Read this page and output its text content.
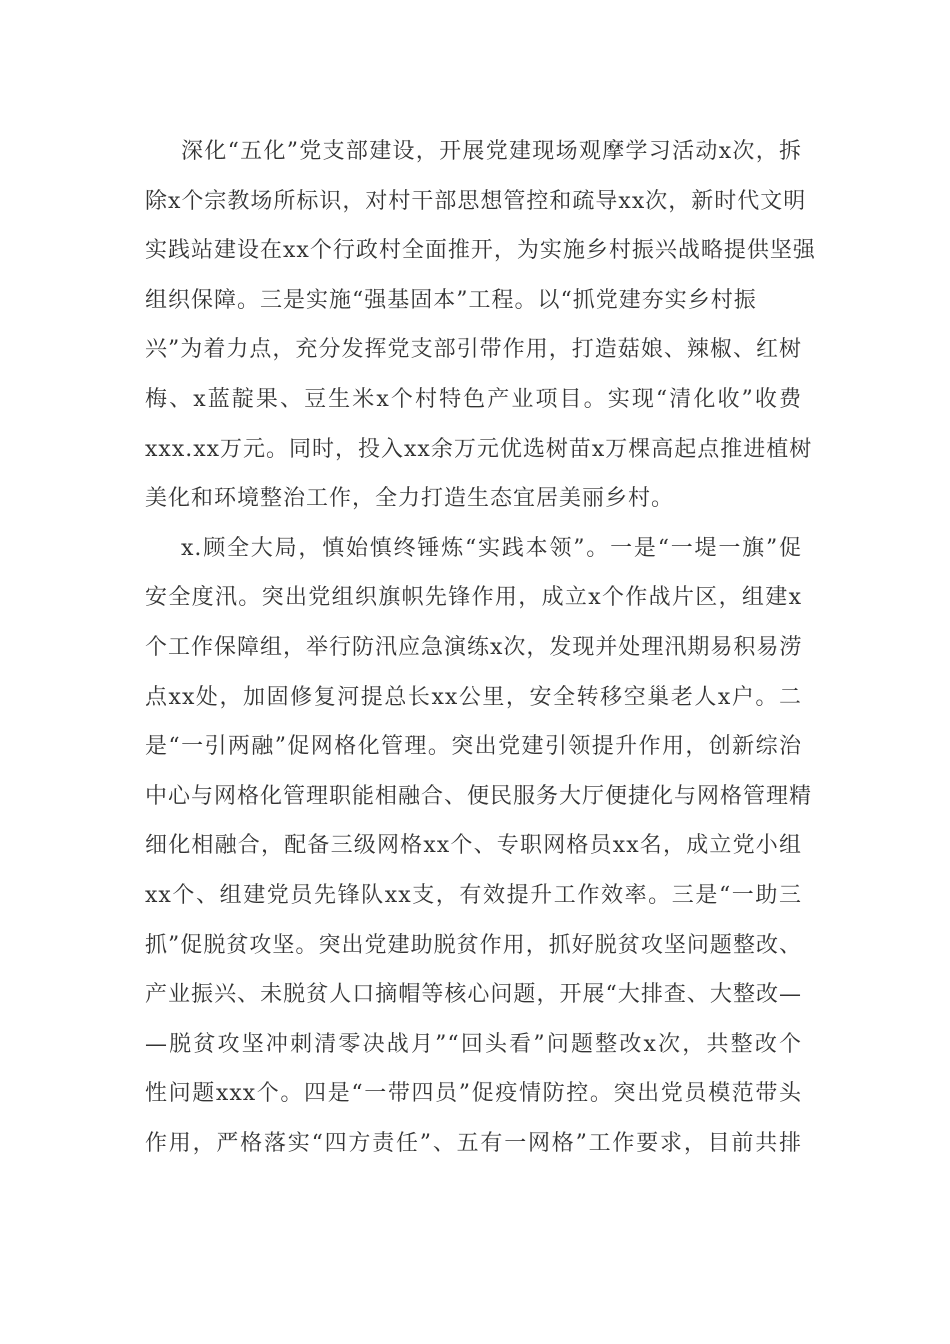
深化“五化”党支部建设，开展党建现场观摩学习活动x次，拆
除x个宗教场所标识，对村干部思想管控和疏导xx次，新时代文明
实践站建设在xx个行政村全面推开，为实施乡村振兴战略提供坚强
组织保障。三是实施“强基固本”工程。以“抓党建夯实乡村振
兴”为着力点，充分发挥党支部引带作用，打造菇娘、辣椒、红树
梅、x蓝靛果、豆生米x个村特色产业项目。实现“清化收”收费
xxx.xx万元。同时，投入xx余万元优选树苗x万棵高起点推进植树
美化和环境整治工作，全力打造生态宜居美丽乡村。
x.顾全大局，慎始慎终锤炼“实践本领”。一是“一堤一旗”促
安全度汛。突出党组织旗帜先锋作用，成立x个作战片区，组建x
个工作保障组，举行防汛应急演练x次，发现并处理汛期易积易涝
点xx处，加固修复河提总长xx公里，安全转移空巢老人x户。二
是“一引两融”促网格化管理。突出党建引领提升作用，创新综治
中心与网格化管理职能相融合、便民服务大厅便捷化与网格管理精
细化相融合，配备三级网格xx个、专职网格员xx名，成立党小组
xx个、组建党员先锋队xx支，有效提升工作效率。三是“一助三
抓”促脱贫攻坚。突出党建助脱贫作用，抓好脱贫攻坚问题整改、
产业振兴、未脱贫人口摘帽等核心问题，开展“大排查、大整改—
—脱贫攻坚冲刺清零决战月”“回头看”问题整改x次，共整改个
性问题xxx个。四是“一带四员”促疫情防控。突出党员模范带头
作用，严格落实“四方责任”、五有一网格”工作要求，目前共排
